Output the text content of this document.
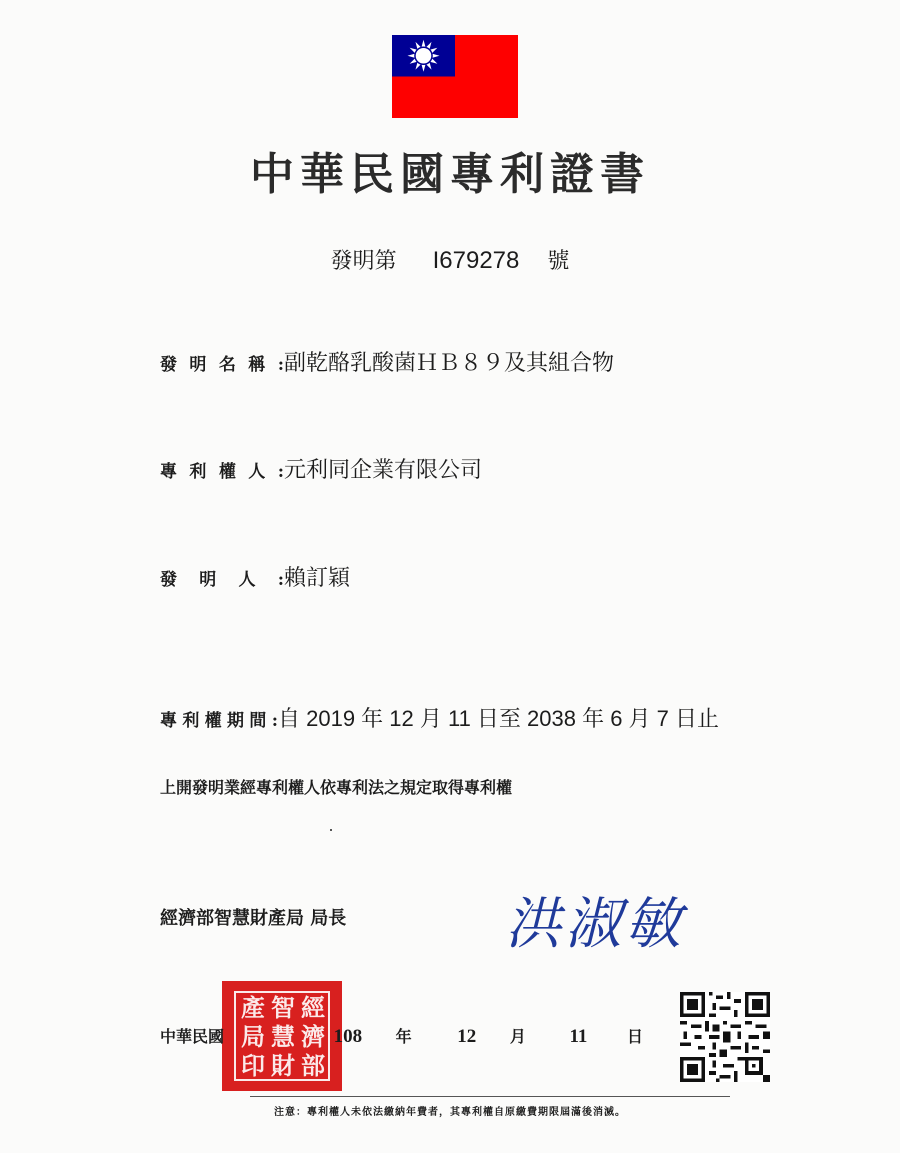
中華民國專利證書
發明第 I679278 號
發明名稱:副乾酪乳酸菌ＨＢ８９及其組合物
專利權人:元利同企業有限公司
發明人:賴訂穎
專利權期間:自 2019 年 12 月 11 日至 2038 年 6 月 7 日止
上開發明業經專利權人依專利法之規定取得專利權
經濟部智慧財產局 局長	洪淑敏
產 智 經
局 慧 濟
印 財 部
中華民國	108 年 12 月 11 日
注意：專利權人未依法繳納年費者，其專利權自原繳費期限屆滿後消滅。
